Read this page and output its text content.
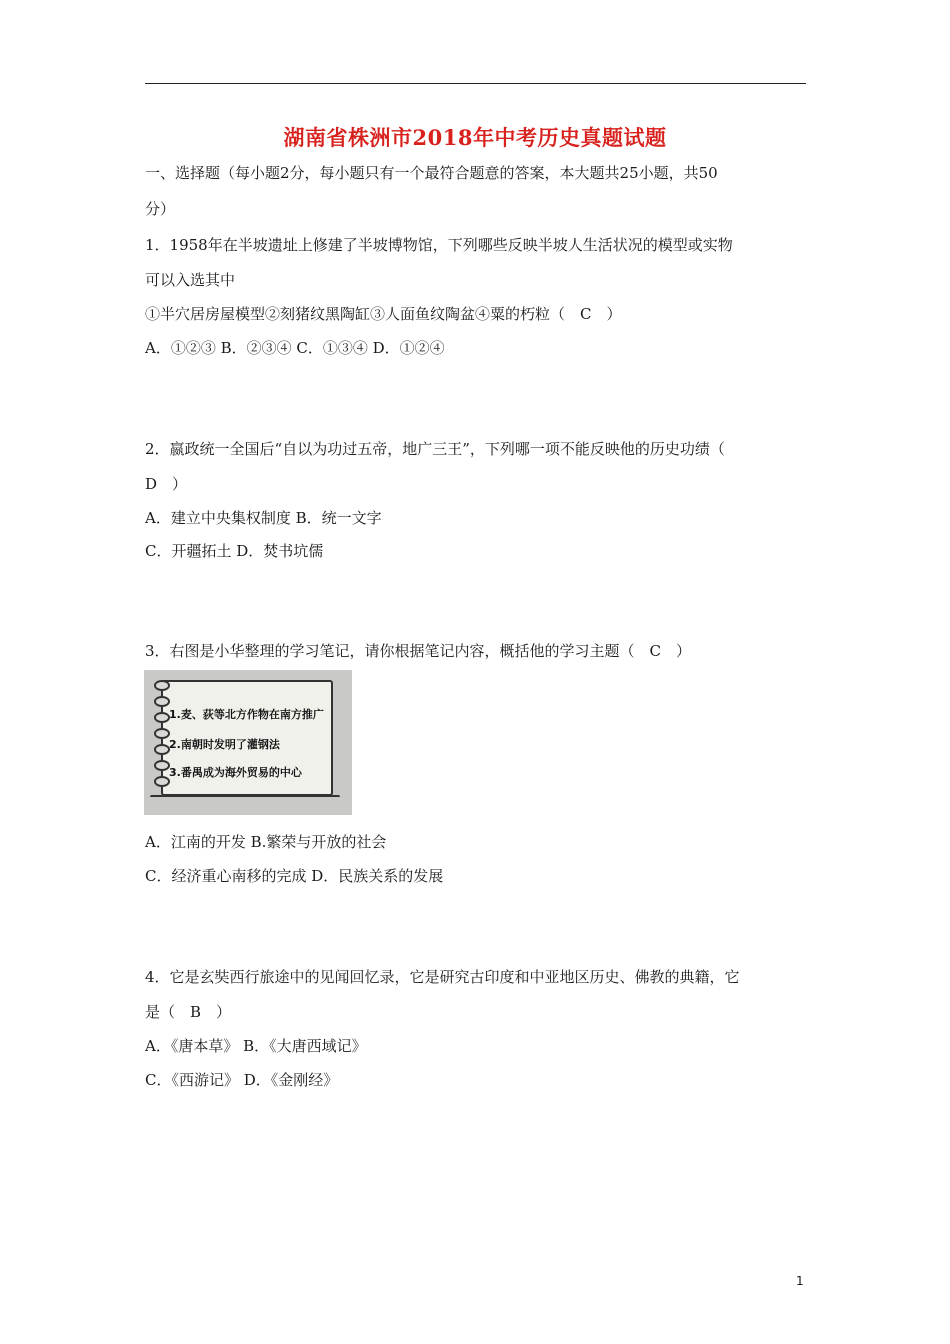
湖南省株洲市2018年中考历史真题试题
一、选择题（每小题2分，每小题只有一个最符合题意的答案，本大题共25小题，共50
分）
1．1958年在半坡遗址上修建了半坡博物馆，下列哪些反映半坡人生活状况的模型或实物
可以入选其中
①半穴居房屋模型②刻猪纹黑陶缸③人面鱼纹陶盆④粟的朽粒（　C　）
A．①②③ B．②③④ C．①③④ D．①②④
2．嬴政统一全国后“自以为功过五帝，地广三王”，下列哪一项不能反映他的历史功绩（
D　）
A．建立中央集权制度 B．统一文字
C．开疆拓土 D．焚书坑儒
3．右图是小华整理的学习笔记，请你根据笔记内容，概括他的学习主题（　C　）
1.麦、荻等北方作物在南方推广
2.南朝时发明了灌钢法
3.番禺成为海外贸易的中心
A．江南的开发 B.繁荣与开放的社会
C．经济重心南移的完成 D．民族关系的发展
4．它是玄奘西行旅途中的见闻回忆录，它是研究古印度和中亚地区历史、佛教的典籍，它
是（　B　）
A．《唐本草》 B．《大唐西域记》
C．《西游记》 D．《金刚经》
1
